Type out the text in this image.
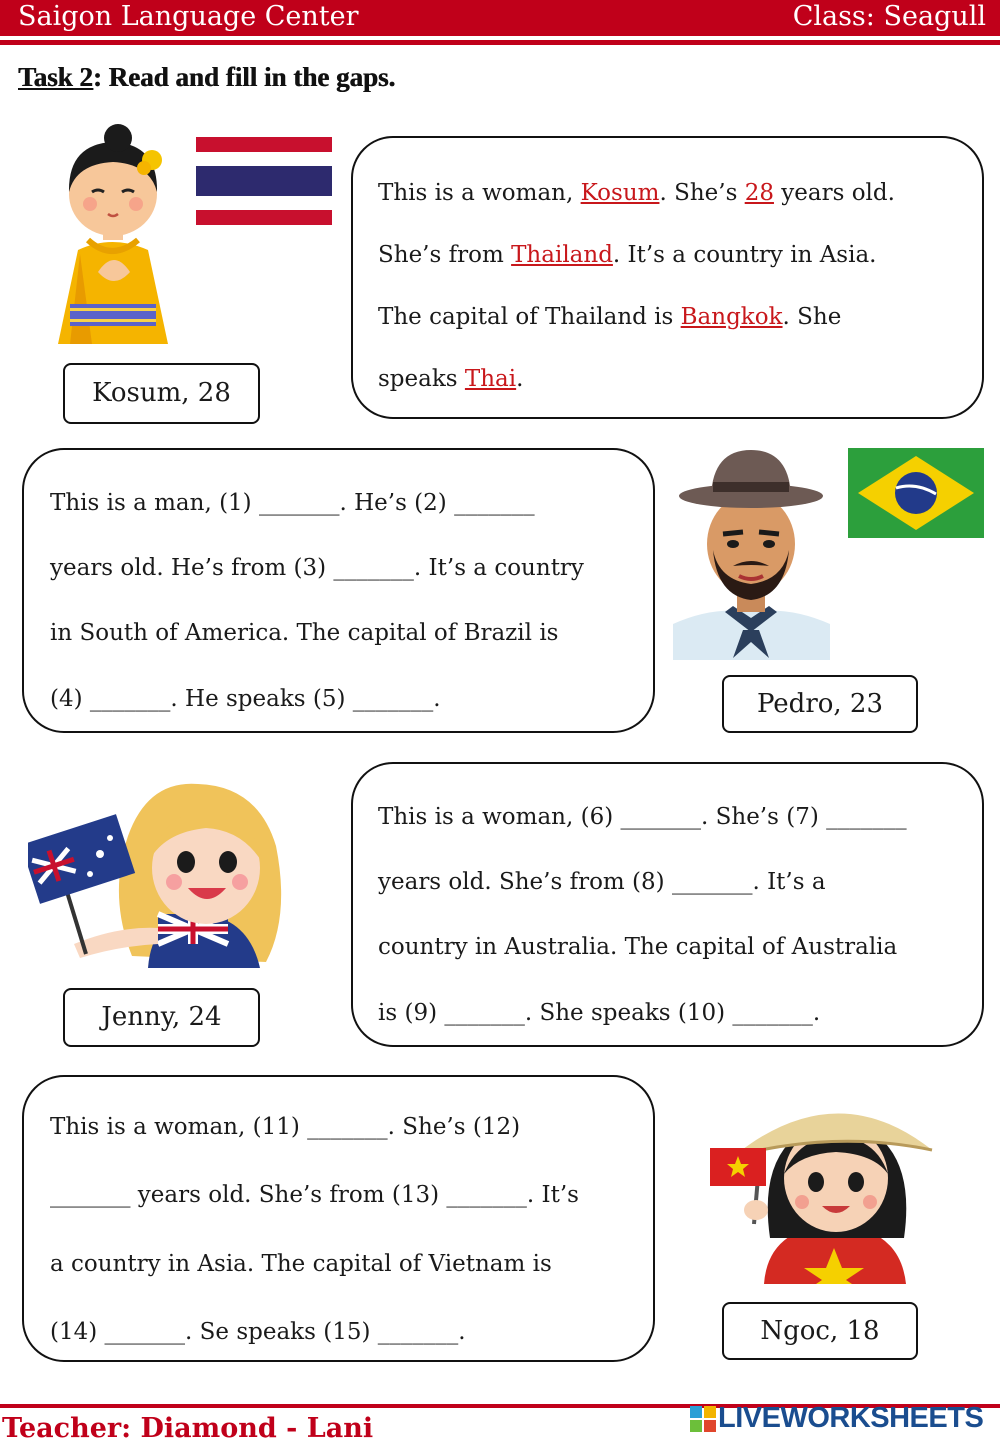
Saigon Language Center	Class: Seagull
Task 2: Read and fill in the gaps.
Kosum, 28
This is a woman, Kosum. She’s 28 years old.
She’s from Thailand. It’s a country in Asia.
The capital of Thailand is Bangkok. She
speaks Thai.
This is a man, (1) _______. He’s (2) _______
years old. He’s from (3) _______. It’s a country
in South of America. The capital of Brazil is
(4) _______. He speaks (5) _______.	Pedro, 23
Jenny, 24
This is a woman, (6) _______. She’s (7) _______
years old. She’s from (8) _______. It’s a
country in Australia. The capital of Australia
is (9) _______. She speaks (10) _______.
This is a woman, (11) _______. She’s (12)
_______ years old. She’s from (13) _______. It’s
a country in Asia. The capital of Vietnam is
(14) _______. Se speaks (15) _______.	Ngoc, 18
Teacher: Diamond - Lani	LIVEWORKSHEETS
